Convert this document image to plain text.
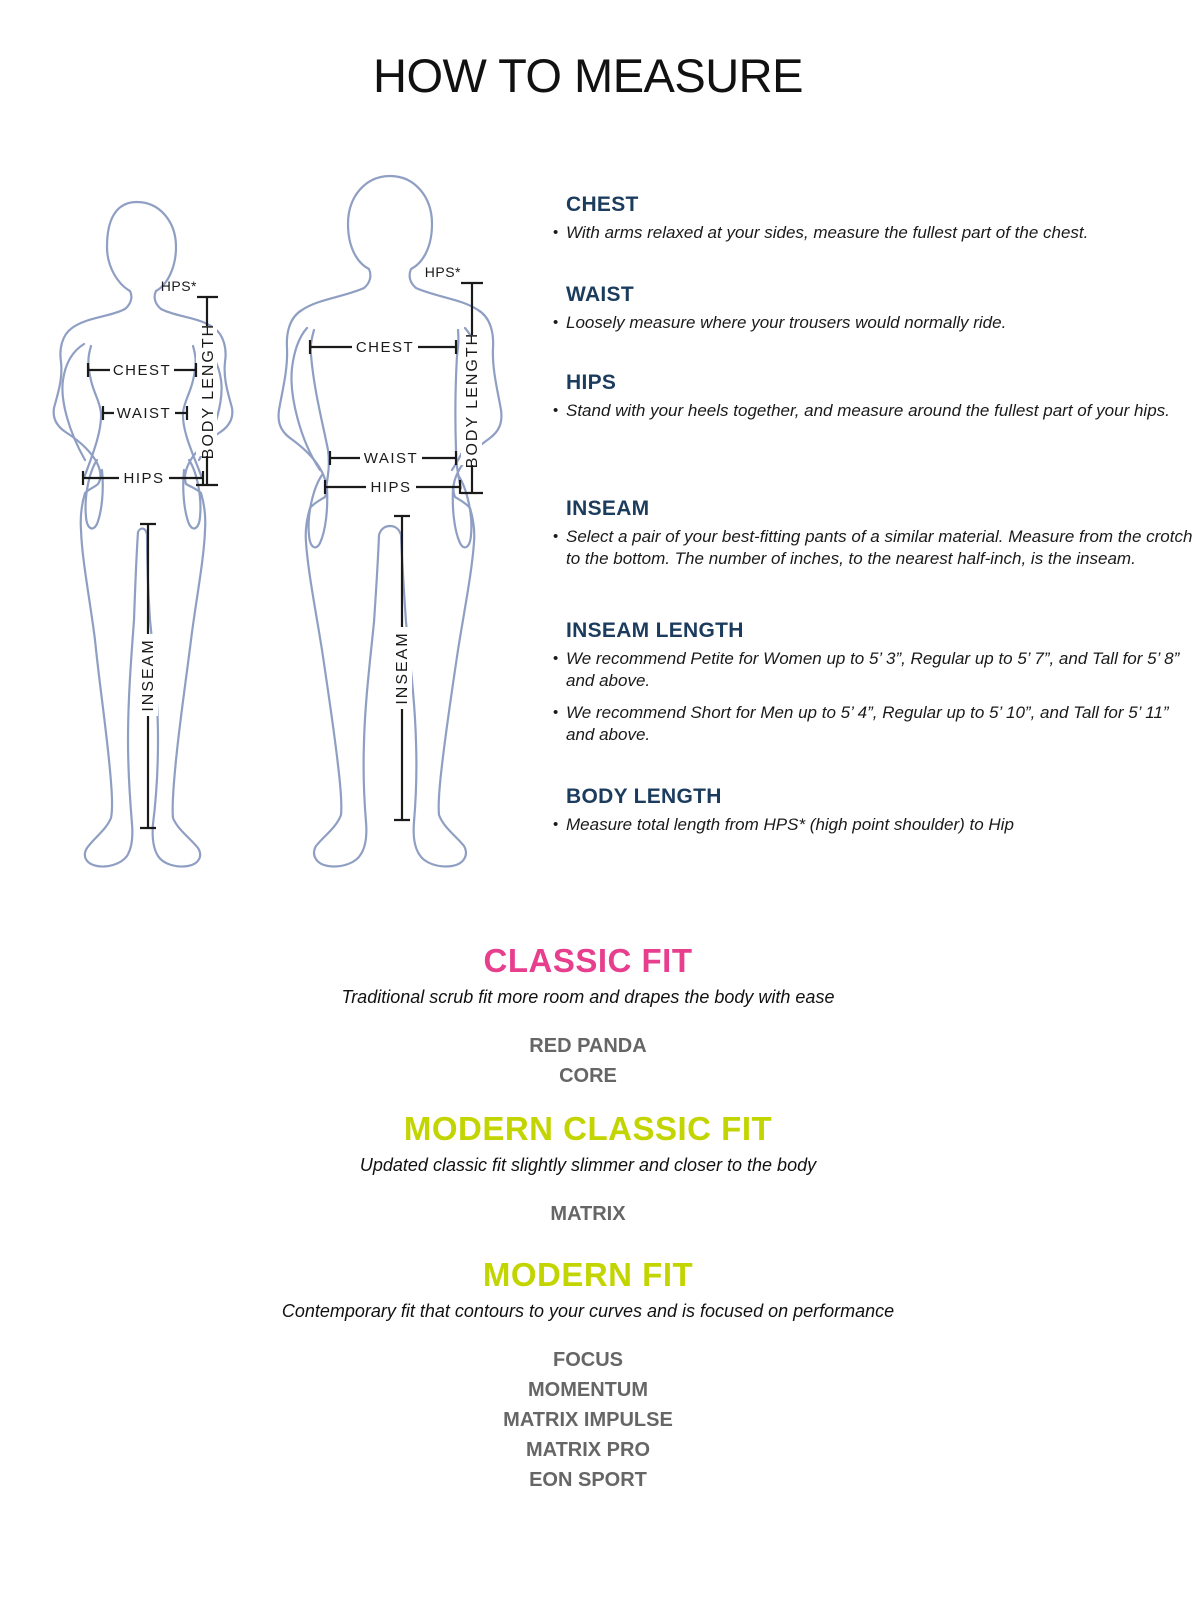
HOW TO MEASURE
BODY LENGTH
HPS*
CHEST
WAIST
HIPS
INSEAM
BODY LENGTH
HPS*
CHEST
WAIST
HIPS
INSEAM
CHEST
• With arms relaxed at your sides, measure the fullest part of the chest.
WAIST
• Loosely measure where your trousers would normally ride.
HIPS
• Stand with your heels together, and measure around the fullest part of your hips.
INSEAM
• Select a pair of your best-fitting pants of a similar material. Measure from the crotch to the bottom. The number of inches, to the nearest half-inch, is the inseam.
INSEAM LENGTH
• We recommend Petite for Women up to 5’ 3”, Regular up to 5’ 7”, and Tall for 5’ 8” and above.
• We recommend Short for Men up to 5’ 4”, Regular up to 5’ 10”, and Tall for 5’ 11” and above.
BODY LENGTH
• Measure total length from HPS* (high point shoulder) to Hip
CLASSIC FIT

Traditional scrub fit more room and drapes the body with ease

RED PANDA
CORE
MODERN CLASSIC FIT

Updated classic fit slightly slimmer and closer to the body

MATRIX
MODERN FIT

Contemporary fit that contours to your curves and is focused on performance

FOCUS
MOMENTUM
MATRIX IMPULSE
MATRIX PRO
EON SPORT
